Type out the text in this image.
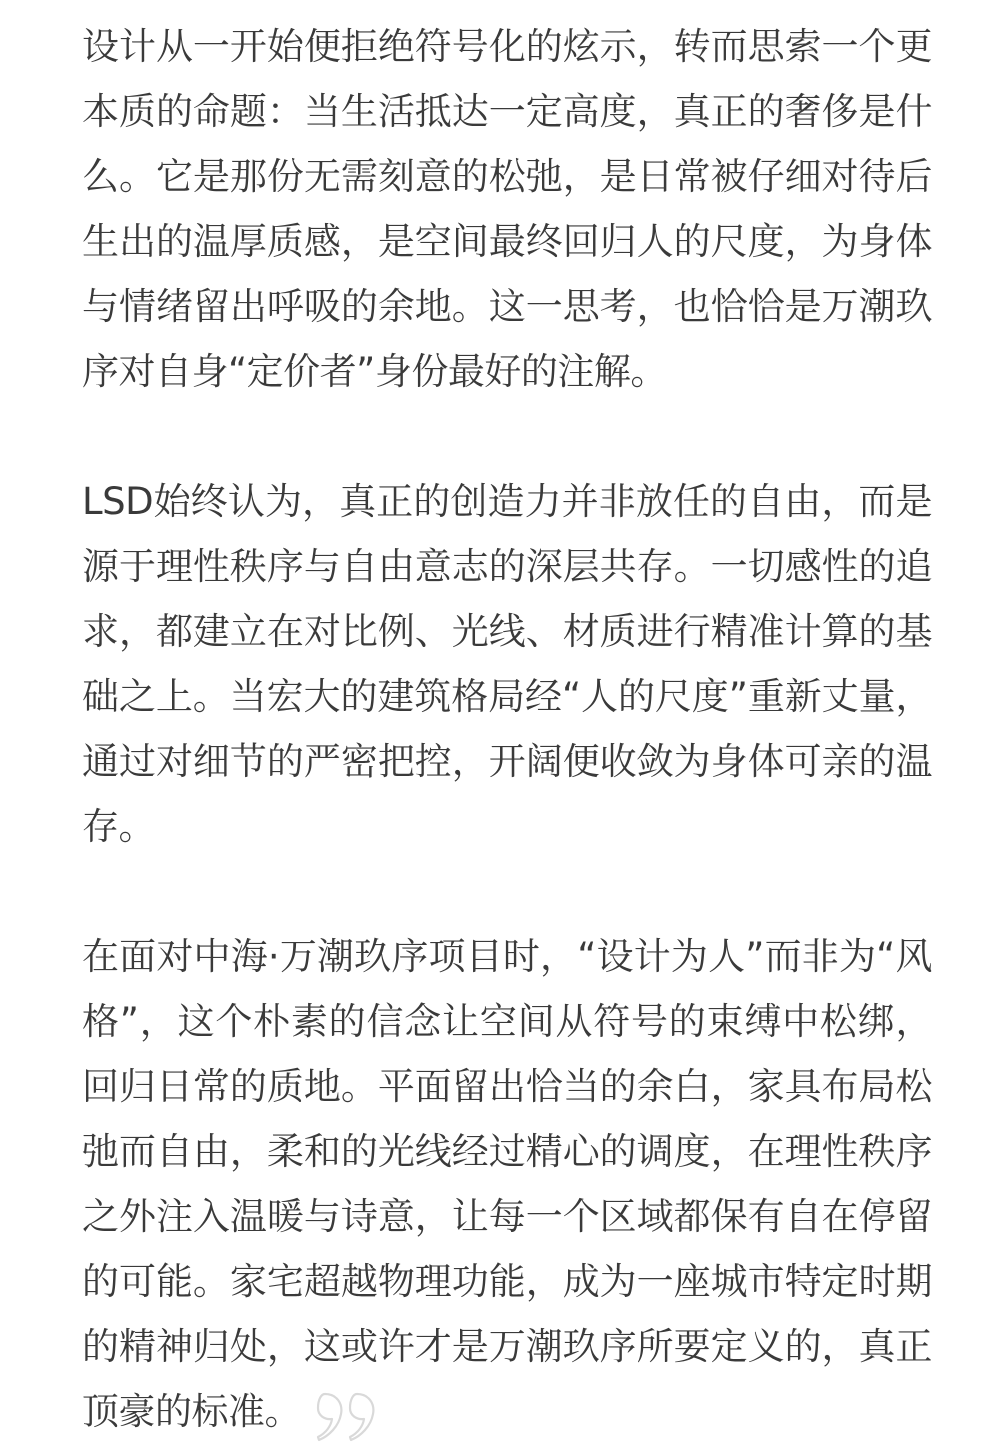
设计从一开始便拒绝符号化的炫示，转而思索一个更本质的命题：当生活抵达一定高度，真正的奢侈是什么。它是那份无需刻意的松弛，是日常被仔细对待后生出的温厚质感，是空间最终回归人的尺度，为身体与情绪留出呼吸的余地。这一思考，也恰恰是万潮玖序对自身“定价者”身份最好的注解。

LSD始终认为，真正的创造力并非放任的自由，而是源于理性秩序与自由意志的深层共存。一切感性的追求，都建立在对比例、光线、材质进行精准计算的基础之上。当宏大的建筑格局经“人的尺度”重新丈量，通过对细节的严密把控，开阔便收敛为身体可亲的温存。

在面对中海·万潮玖序项目时，“设计为人”而非为“风格”，这个朴素的信念让空间从符号的束缚中松绑，回归日常的质地。平面留出恰当的余白，家具布局松弛而自由，柔和的光线经过精心的调度，在理性秩序之外注入温暖与诗意，让每一个区域都保有自在停留的可能。家宅超越物理功能，成为一座城市特定时期的精神归处，这或许才是万潮玖序所要定义的，真正顶豪的标准。
